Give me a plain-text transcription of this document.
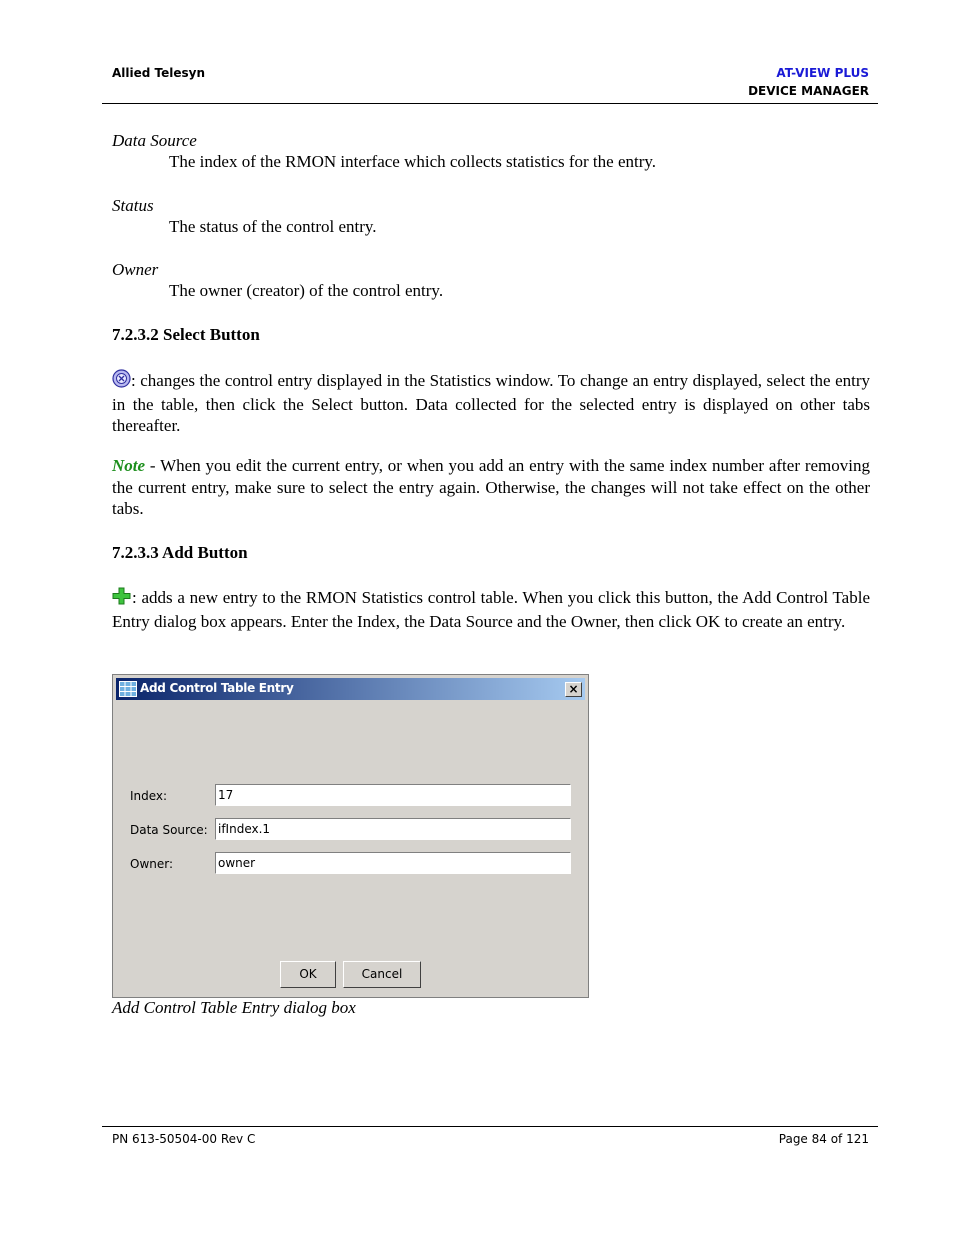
Allied Telesyn	AT-VIEW PLUS
DEVICE MANAGER
Data Source
The index of the RMON interface which collects statistics for the entry.
Status
The status of the control entry.
Owner
The owner (creator) of the control entry.
7.2.3.2 Select Button
: changes the control entry displayed in the Statistics window. To change an entry displayed, select the entry in the table, then click the Select button. Data collected for the selected entry is displayed on other tabs thereafter.
Note - When you edit the current entry, or when you add an entry with the same index number after removing the current entry, make sure to select the entry again. Otherwise, the changes will not take effect on the other tabs.
7.2.3.3 Add Button
: adds a new entry to the RMON Statistics control table. When you click this button, the Add Control Table Entry dialog box appears. Enter the Index, the Data Source and the Owner, then click OK to create an entry.
Add Control Table Entry	×
Index:	17
Data Source: ifIndex.1
Owner:	owner
OK	Cancel
Add Control Table Entry dialog box
PN 613-50504-00 Rev C	Page 84 of 121
